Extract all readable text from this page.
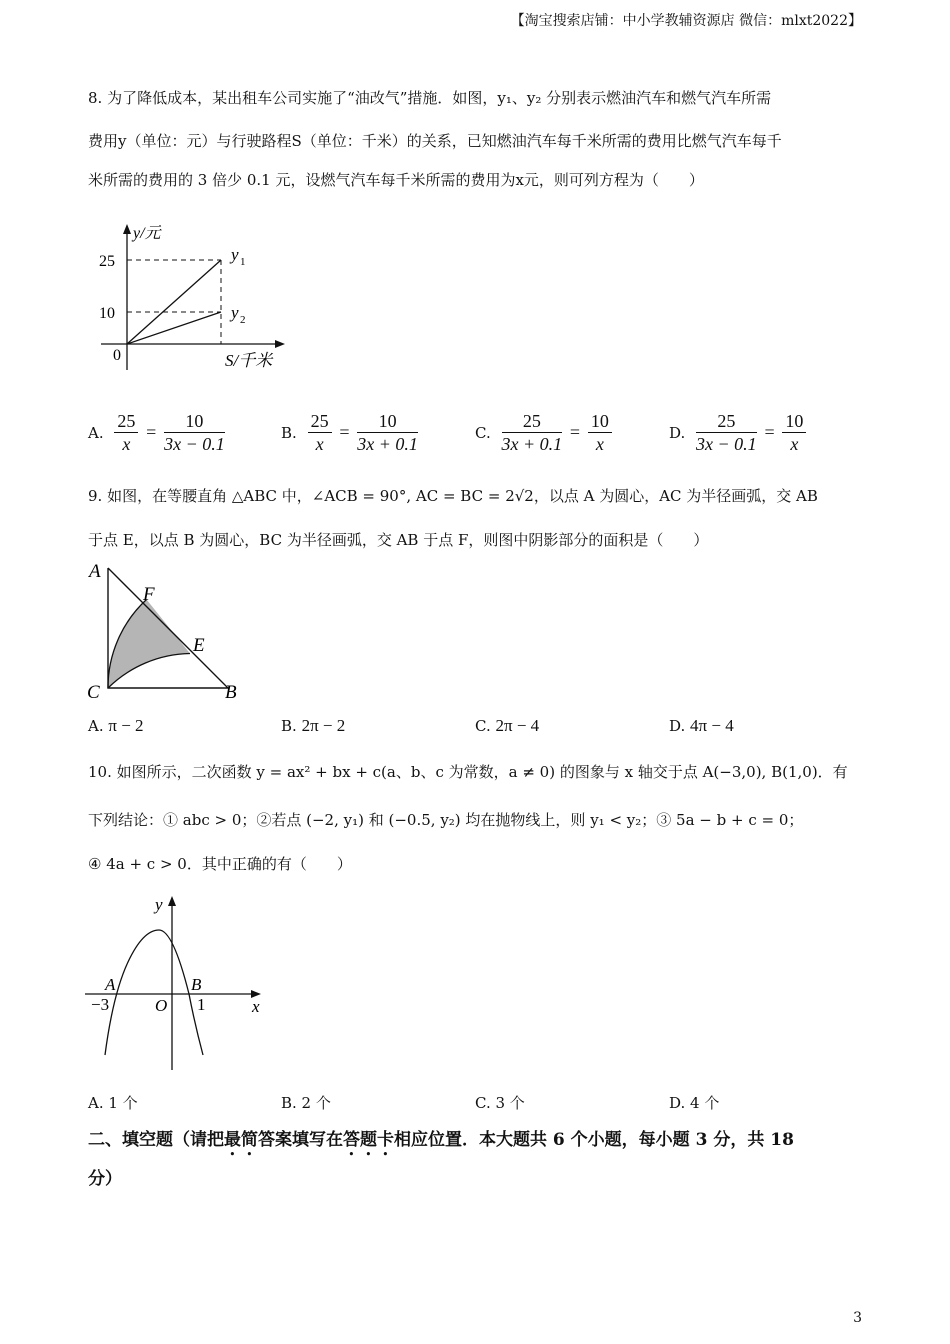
【淘宝搜索店铺：中小学教辅资源店 微信：mlxt2022】
8. 为了降低成本，某出租车公司实施了“油改气”措施．如图，y₁、y₂ 分别表示燃油汽车和燃气汽车所需
费用y（单位：元）与行驶路程S（单位：千米）的关系，已知燃油汽车每千米所需的费用比燃气汽车每千
米所需的费用的 3 倍少 0.1 元，设燃气汽车每千米所需的费用为x元，则可列方程为（　　）
y/元
25
10
0	S/千米
y 1
y 2
A. $\frac{25}{x} = \frac{10}{3x - 0.1}$	B. $\frac{25}{x} = \frac{10}{3x + 0.1}$	C. $\frac{25}{3x + 0.1} = \frac{10}{x}$	D. $\frac{25}{3x - 0.1} = \frac{10}{x}$
9. 如图，在等腰直角 △ABC 中，∠ACB = 90°, AC = BC = 2√2，以点 A 为圆心，AC 为半径画弧，交 AB
于点 E，以点 B 为圆心，BC 为半径画弧，交 AB 于点 F，则图中阴影部分的面积是（　　）
A
F
E
C	B
A. π − 2	B. 2π − 2	C. 2π − 4	D. 4π − 4
10. 如图所示，二次函数 y = ax² + bx + c(a、b、c 为常数，a ≠ 0) 的图象与 x 轴交于点 A(−3,0), B(1,0)．有
下列结论：① abc > 0；②若点 (−2, y₁) 和 (−0.5, y₂) 均在抛物线上，则 y₁ < y₂；③ 5a − b + c = 0；
④ 4a + c > 0．其中正确的有（　　）
y
x
A	B
−3	O 1
A. 1 个	B. 2 个	C. 3 个	D. 4 个
二、填空题（请把最简答案填写在答题卡相应位置．本大题共 6 个小题，每小题 3 分，共 18
分）
3
